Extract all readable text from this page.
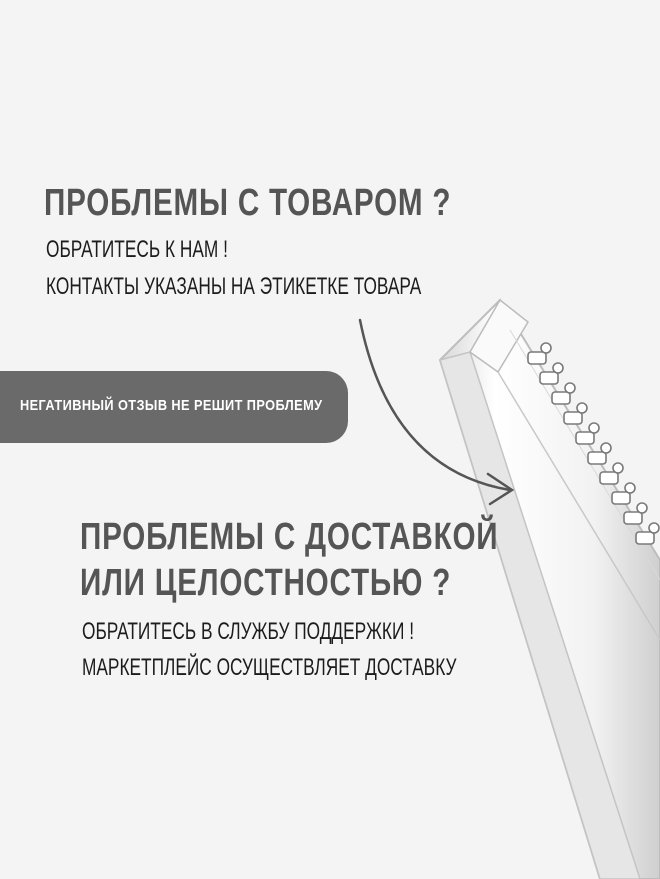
ПРОБЛЕМЫ С ТОВАРОМ ?
ОБРАТИТЕСЬ К НАМ !
КОНТАКТЫ УКАЗАНЫ НА ЭТИКЕТКЕ ТОВАРА
НЕГАТИВНЫЙ ОТЗЫВ НЕ РЕШИТ ПРОБЛЕМУ
ПРОБЛЕМЫ С ДОСТАВКОЙ
ИЛИ ЦЕЛОСТНОСТЬЮ ?
ОБРАТИТЕСЬ В СЛУЖБУ ПОДДЕРЖКИ !
МАРКЕТПЛЕЙС ОСУЩЕСТВЛЯЕТ ДОСТАВКУ
